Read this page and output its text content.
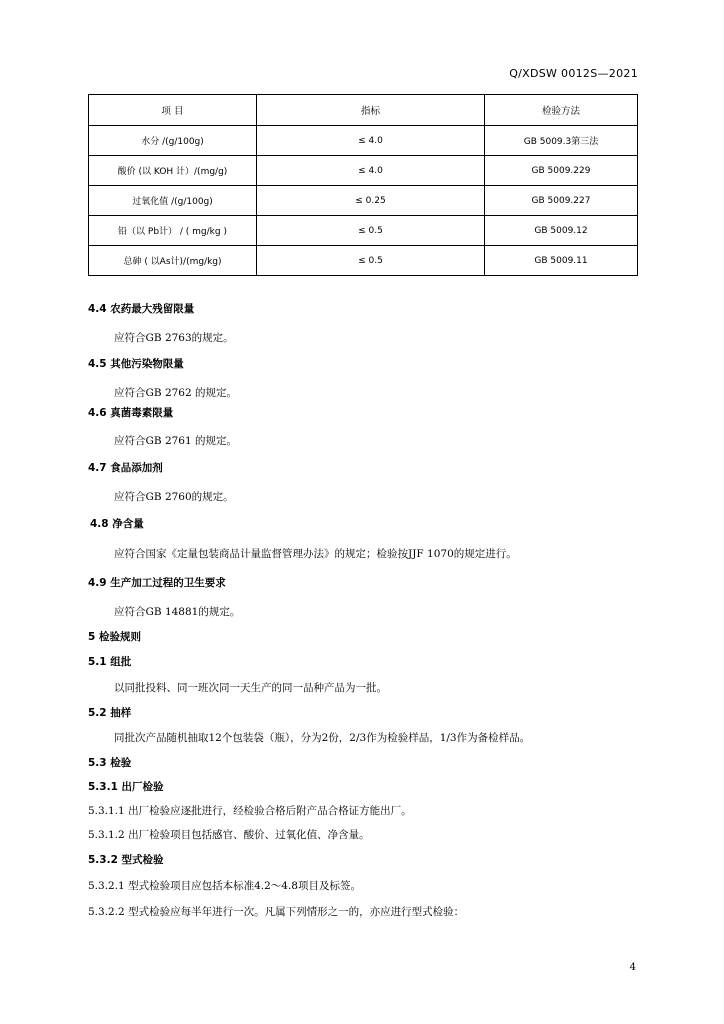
Q/XDSW 0012S—2021
项 目	指标	检验方法
水分 /(g/100g)	≤ 4.0	GB 5009.3第三法
酸价 (以 KOH 计）/(mg/g)	≤ 4.0	GB 5009.229
过氧化值 /(g/100g)	≤ 0.25	GB 5009.227
铅（以 Pb计） / ( mg/kg )	≤ 0.5	GB 5009.12
总砷 ( 以As计)/(mg/kg)	≤ 0.5	GB 5009.11
4.4 农药最大残留限量
应符合GB 2763的规定。
4.5 其他污染物限量
应符合GB 2762 的规定。
4.6 真菌毒素限量
应符合GB 2761 的规定。
4.7 食品添加剂
应符合GB 2760的规定。
4.8 净含量
应符合国家《定量包装商品计量监督管理办法》的规定；检验按JJF 1070的规定进行。
4.9 生产加工过程的卫生要求
应符合GB 14881的规定。
5 检验规则
5.1 组批
以同批投料、同一班次同一天生产的同一品种产品为一批。
5.2 抽样
同批次产品随机抽取12个包装袋（瓶），分为2份，2/3作为检验样品，1/3作为备检样品。
5.3 检验
5.3.1 出厂检验
5.3.1.1 出厂检验应逐批进行，经检验合格后附产品合格证方能出厂。
5.3.1.2 出厂检验项目包括感官、酸价、过氧化值、净含量。
5.3.2 型式检验
5.3.2.1 型式检验项目应包括本标准4.2～4.8项目及标签。
5.3.2.2 型式检验应每半年进行一次。凡属下列情形之一的，亦应进行型式检验：
4
